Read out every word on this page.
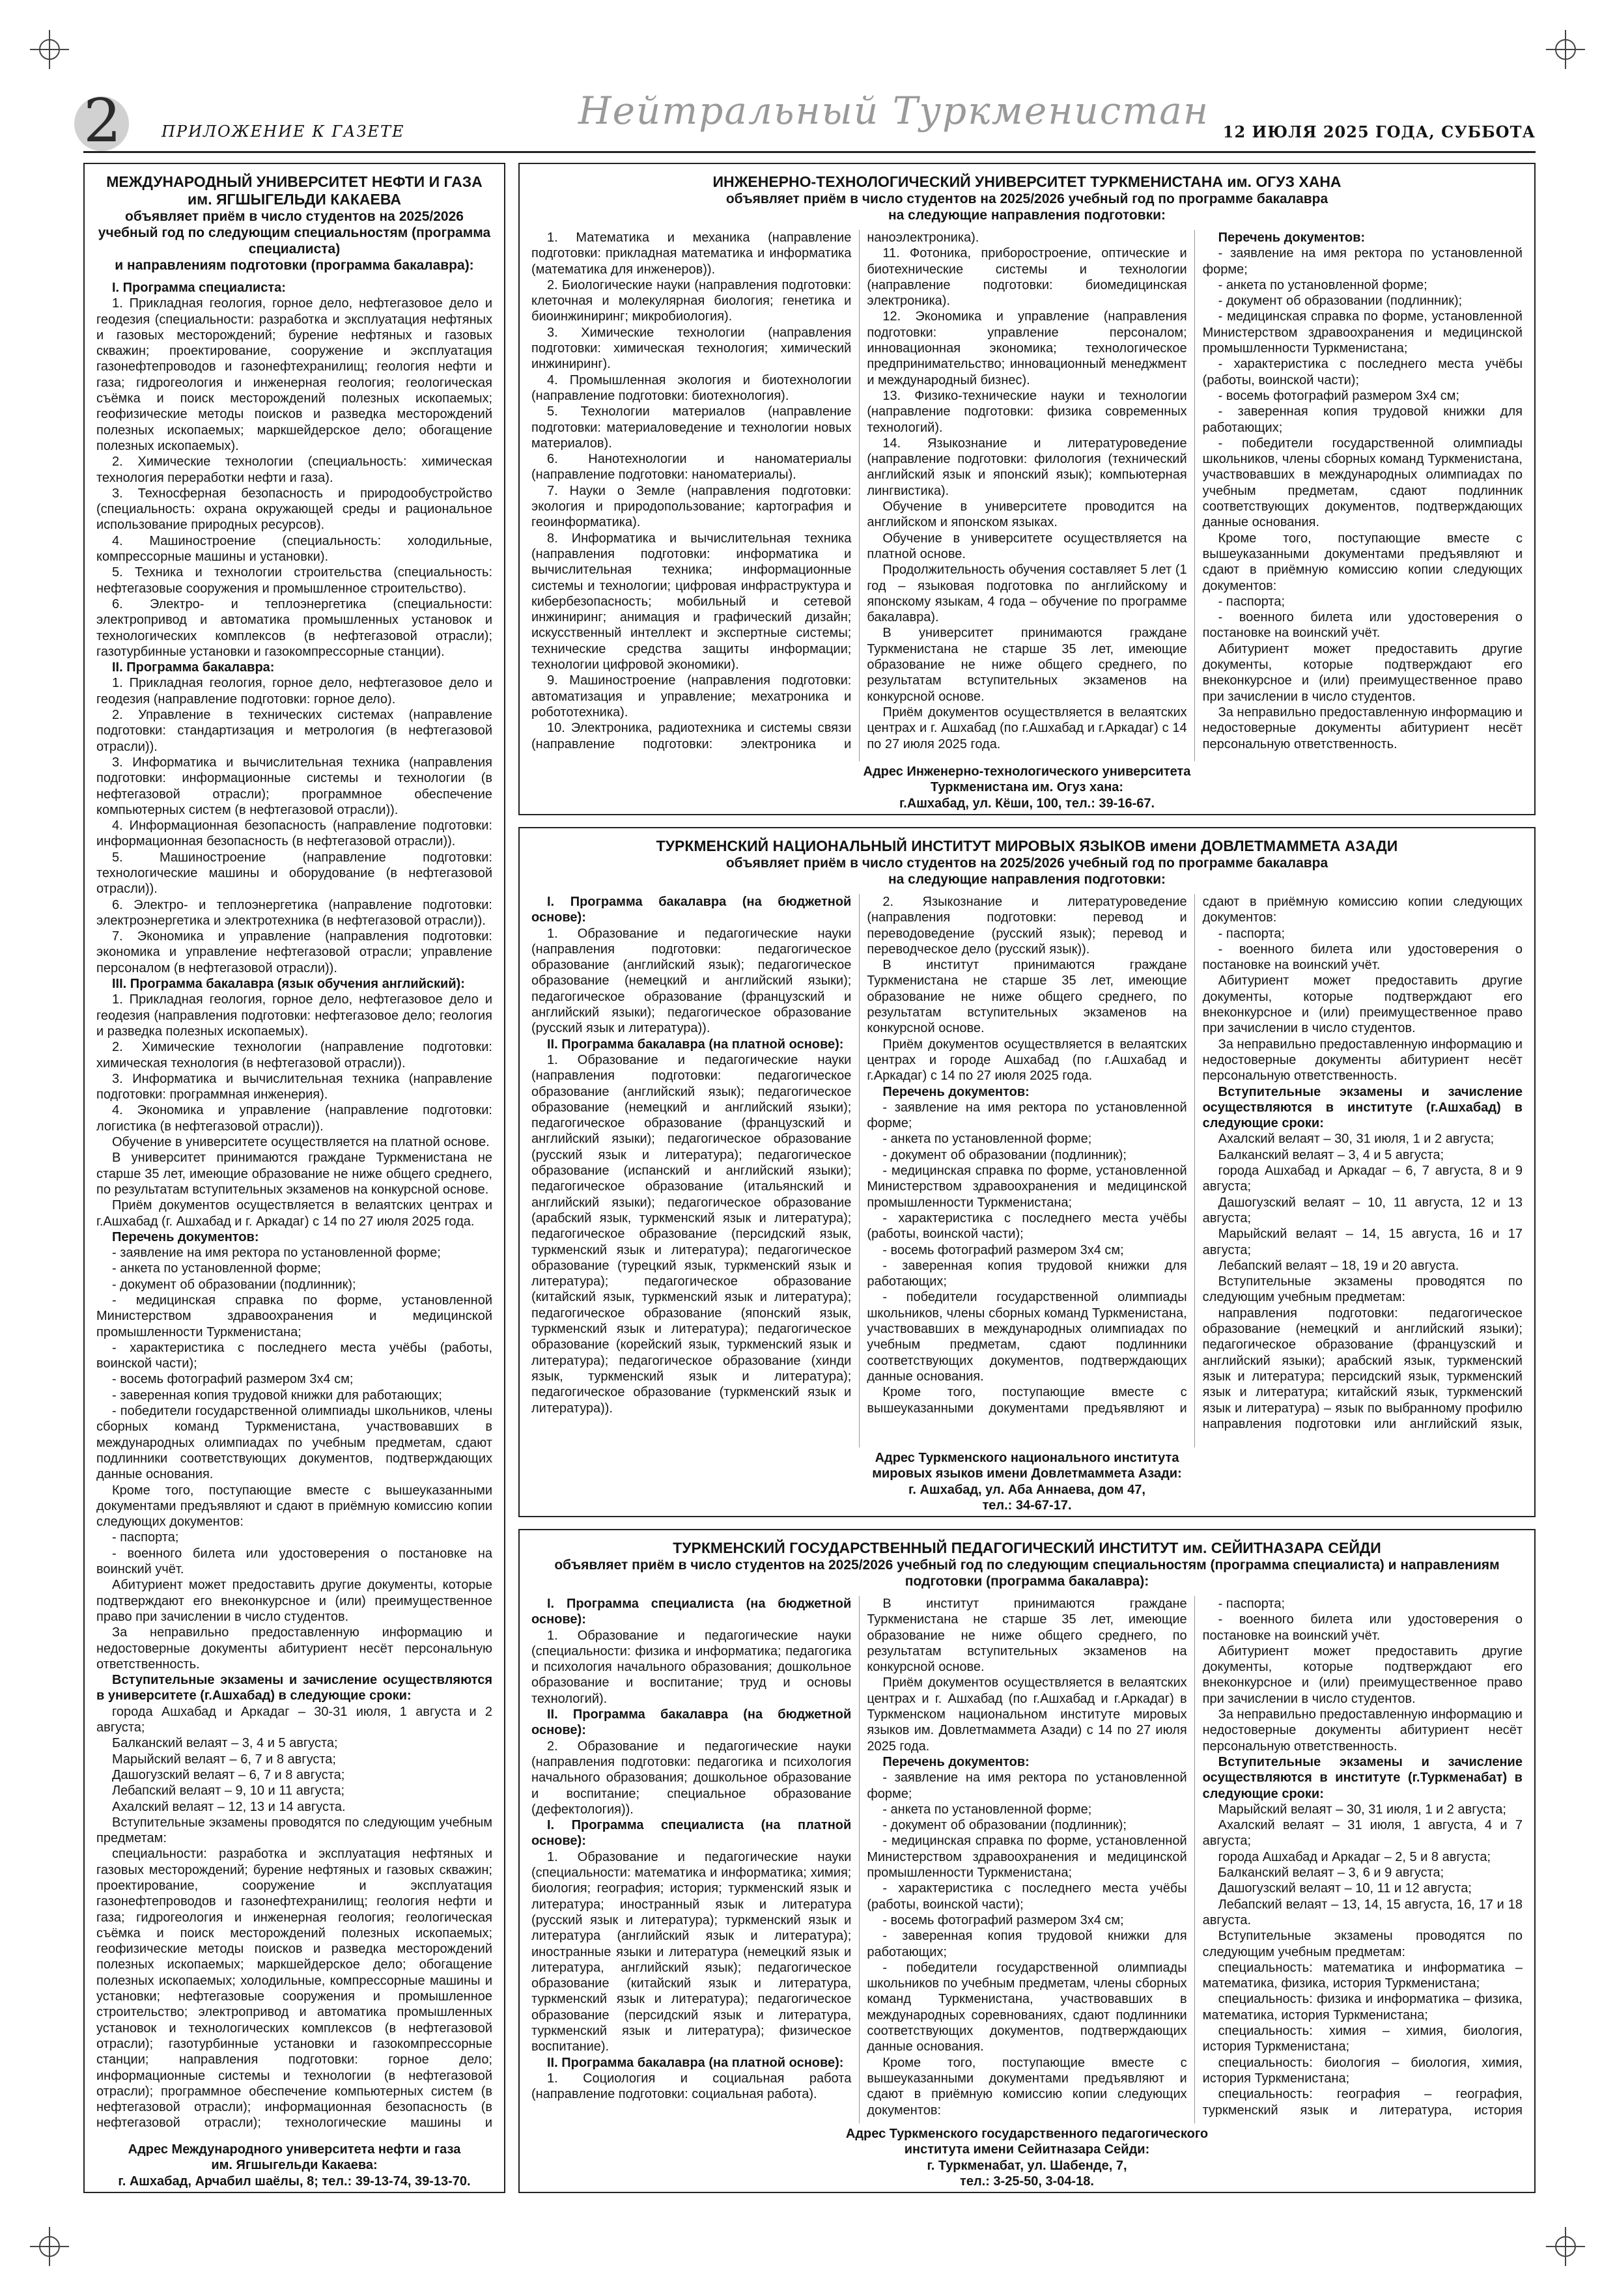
2	ПРИЛОЖЕНИЕ К ГАЗЕТЕ	Нейтральный Туркменистан 12 ИЮЛЯ 2025 ГОДА, СУББОТА
МЕЖДУНАРОДНЫЙ УНИВЕРСИТЕТ НЕФТИ И ГАЗА им. ЯГШЫГЕЛЬДИ КАКАЕВА
объявляет приём в число студентов на 2025/2026 учебный год по следующим специальностям (программа специалиста)
и направлениям подготовки (программа бакалавра):

I. Программа специалиста:

1. Прикладная геология, горное дело, нефтегазовое дело и геодезия (специальности: разработка и эксплуатация нефтяных и газовых месторождений; бурение нефтяных и газовых скважин; проектирование, сооружение и эксплуатация газонефтепроводов и газонефтехранилищ; геология нефти и газа; гидрогеология и инженерная геология; геологическая съёмка и поиск месторождений полезных ископаемых; геофизические методы поисков и разведка месторождений полезных ископаемых; маркшейдерское дело; обогащение полезных ископаемых).

2. Химические технологии (специальность: химическая технология переработки нефти и газа).

3. Техносферная безопасность и природообустройство (специальность: охрана окружающей среды и рациональное использование природных ресурсов).

4. Машиностроение (специальность: холодильные, компрессорные машины и установки).

5. Техника и технологии строительства (специальность: нефтегазовые сооружения и промышленное строительство).

6. Электро- и теплоэнергетика (специальности: электропривод и автоматика промышленных установок и технологических комплексов (в нефтегазовой отрасли); газотурбинные установки и газокомпрессорные станции).

II. Программа бакалавра:

1. Прикладная геология, горное дело, нефтегазовое дело и геодезия (направление подготовки: горное дело).

2. Управление в технических системах (направление подготовки: стандартизация и метрология (в нефтегазовой отрасли)).

3. Информатика и вычислительная техника (направления подготовки: информационные системы и технологии (в нефтегазовой отрасли); программное обеспечение компьютерных систем (в нефтегазовой отрасли)).

4. Информационная безопасность (направление подготовки: информационная безопасность (в нефтегазовой отрасли)).

5. Машиностроение (направление подготовки: технологические машины и оборудование (в нефтегазовой отрасли)).

6. Электро- и теплоэнергетика (направление подготовки: электроэнергетика и электротехника (в нефтегазовой отрасли)).

7. Экономика и управление (направления подготовки: экономика и управление нефтегазовой отрасли; управление персоналом (в нефтегазовой отрасли)).

III. Программа бакалавра (язык обучения английский):

1. Прикладная геология, горное дело, нефтегазовое дело и геодезия (направления подготовки: нефтегазовое дело; геология и разведка полезных ископаемых).

2. Химические технологии (направление подготовки: химическая технология (в нефтегазовой отрасли)).

3. Информатика и вычислительная техника (направление подготовки: программная инженерия).

4. Экономика и управление (направление подготовки: логистика (в нефтегазовой отрасли)).

Обучение в университете осуществляется на платной основе.

В университет принимаются граждане Туркменистана не старше 35 лет, имеющие образование не ниже общего среднего, по результатам вступительных экзаменов на конкурсной основе.

Приём документов осуществляется в велаятских центрах и г.Ашхабад (г. Ашхабад и г. Аркадаг) с 14 по 27 июля 2025 года.

Перечень документов:

- заявление на имя ректора по установленной форме;

- анкета по установленной форме;

- документ об образовании (подлинник);

- медицинская справка по форме, установленной Министерством здравоохранения и медицинской промышленности Туркменистана;

- характеристика с последнего места учёбы (работы, воинской части);

- восемь фотографий размером 3х4 см;

- заверенная копия трудовой книжки для работающих;

- победители государственной олимпиады школьников, члены сборных команд Туркменистана, участвовавших в международных олимпиадах по учебным предметам, сдают подлинники соответствующих документов, подтверждающих данные основания.

Кроме того, поступающие вместе с вышеуказанными документами предъявляют и сдают в приёмную комиссию копии следующих документов:

- паспорта;

- военного билета или удостоверения о постановке на воинский учёт.

Абитуриент может предоставить другие документы, которые подтверждают его внеконкурсное и (или) преимущественное право при зачислении в число студентов.

За неправильно предоставленную информацию и недостоверные документы абитуриент несёт персональную ответственность.

Вступительные экзамены и зачисление осуществляются в университете (г.Ашхабад) в следующие сроки:

города Ашхабад и Аркадаг – 30-31 июля, 1 августа и 2 августа;

Балканский велаят – 3, 4 и 5 августа;

Марыйский велаят – 6, 7 и 8 августа;

Дашогузский велаят – 6, 7 и 8 августа;

Лебапский велаят – 9, 10 и 11 августа;

Ахалский велаят – 12, 13 и 14 августа.

Вступительные экзамены проводятся по следующим учебным предметам:

специальности: разработка и эксплуатация нефтяных и газовых месторождений; бурение нефтяных и газовых скважин; проектирование, сооружение и эксплуатация газонефтепроводов и газонефтехранилищ; геология нефти и газа; гидрогеология и инженерная геология; геологическая съёмка и поиск месторождений полезных ископаемых; геофизические методы поисков и разведка месторождений полезных ископаемых; маркшейдерское дело; обогащение полезных ископаемых; холодильные, компрессорные машины и установки; нефтегазовые сооружения и промышленное строительство; электропривод и автоматика промышленных установок и технологических комплексов (в нефтегазовой отрасли); газотурбинные установки и газокомпрессорные станции; направления подготовки: горное дело; информационные системы и технологии (в нефтегазовой отрасли); программное обеспечение компьютерных систем (в нефтегазовой отрасли); информационная безопасность (в нефтегазовой отрасли); технологические машины и

Адрес Международного университета нефти и газа
им. Ягшыгельди Какаева:
г. Ашхабад, Арчабил шаёлы, 8; тел.: 39-13-74, 39-13-70.
ИНЖЕНЕРНО-ТЕХНОЛОГИЧЕСКИЙ УНИВЕРСИТЕТ ТУРКМЕНИСТАНА им. ОГУЗ ХАНА
объявляет приём в число студентов на 2025/2026 учебный год по программе бакалавра
на следующие направления подготовки:

1. Математика и механика (направление подготовки: прикладная математика и информатика (математика для инженеров)).

2. Биологические науки (направления подготовки: клеточная и молекулярная биология; генетика и биоинжиниринг; микробиология).

3. Химические технологии (направления подготовки: химическая технология; химический инжиниринг).

4. Промышленная экология и биотехнологии (направление подготовки: биотехнология).

5. Технологии материалов (направление подготовки: материаловедение и технологии новых материалов).

6. Нанотехнологии и наноматериалы (направление подготовки: наноматериалы).

7. Науки о Земле (направления подготовки: экология и природопользование; картография и геоинформатика).

8. Информатика и вычислительная техника (направления подготовки: информатика и вычислительная техника; информационные системы и технологии; цифровая инфраструктура и кибербезопасность; мобильный и сетевой инжиниринг; анимация и графический дизайн; искусственный интеллект и экспертные системы; технические средства защиты информации; технологии цифровой экономики).

9. Машиностроение (направления подготовки: автоматизация и управление; мехатроника и робототехника).

10. Электроника, радиотехника и системы связи (направление подготовки: электроника и наноэлектроника).

11. Фотоника, приборостроение, оптические и биотехнические системы и технологии (направление подготовки: биомедицинская электроника).

12. Экономика и управление (направления подготовки: управление персоналом; инновационная экономика; технологическое предпринимательство; инновационный менеджмент и международный бизнес).

13. Физико-технические науки и технологии (направление подготовки: физика современных технологий).

14. Языкознание и литературоведение (направление подготовки: филология (технический английский язык и японский язык); компьютерная лингвистика).

Обучение в университете проводится на английском и японском языках.

Обучение в университете осуществляется на платной основе.

Продолжительность обучения составляет 5 лет (1 год – языковая подготовка по английскому и японскому языкам, 4 года – обучение по программе бакалавра).

В университет принимаются граждане Туркменистана не старше 35 лет, имеющие образование не ниже общего среднего, по результатам вступительных экзаменов на конкурсной основе.

Приём документов осуществляется в велаятских центрах и г. Ашхабад (по г.Ашхабад и г.Аркадаг) с 14 по 27 июля 2025 года.

Перечень документов:

- заявление на имя ректора по установленной форме;

- анкета по установленной форме;

- документ об образовании (подлинник);

- медицинская справка по форме, установленной Министерством здравоохранения и медицинской промышленности Туркменистана;

- характеристика с последнего места учёбы (работы, воинской части);

- восемь фотографий размером 3х4 см;

- заверенная копия трудовой книжки для работающих;

- победители государственной олимпиады школьников, члены сборных команд Туркменистана, участвовавших в международных олимпиадах по учебным предметам, сдают подлинник соответствующих документов, подтверждающих данные основания.

Кроме того, поступающие вместе с вышеуказанными документами предъявляют и сдают в приёмную комиссию копии следующих документов:

- паспорта;

- военного билета или удостоверения о постановке на воинский учёт.

Абитуриент может предоставить другие документы, которые подтверждают его внеконкурсное и (или) преимущественное право при зачислении в число студентов.

За неправильно предоставленную информацию и недостоверные документы абитуриент несёт персональную ответственность.

Адрес Инженерно-технологического университета
Туркменистана им. Огуз хана:
г.Ашхабад, ул. Кёши, 100, тел.: 39-16-67.
ТУРКМЕНСКИЙ НАЦИОНАЛЬНЫЙ ИНСТИТУТ МИРОВЫХ ЯЗЫКОВ имени ДОВЛЕТМАММЕТА АЗАДИ
объявляет приём в число студентов на 2025/2026 учебный год по программе бакалавра
на следующие направления подготовки:

I. Программа бакалавра (на бюджетной основе):

1. Образование и педагогические науки (направления подготовки: педагогическое образование (английский язык); педагогическое образование (немецкий и английский языки); педагогическое образование (французский и английский языки); педагогическое образование (русский язык и литература)).

II. Программа бакалавра (на платной основе):

1. Образование и педагогические науки (направления подготовки: педагогическое образование (английский язык); педагогическое образование (немецкий и английский языки); педагогическое образование (французский и английский языки); педагогическое образование (русский язык и литература); педагогическое образование (испанский и английский языки); педагогическое образование (итальянский и английский языки); педагогическое образование (арабский язык, туркменский язык и литература); педагогическое образование (персидский язык, туркменский язык и литература); педагогическое образование (турецкий язык, туркменский язык и литература); педагогическое образование (китайский язык, туркменский язык и литература); педагогическое образование (японский язык, туркменский язык и литература); педагогическое образование (корейский язык, туркменский язык и литература); педагогическое образование (хинди язык, туркменский язык и литература); педагогическое образование (туркменский язык и литература)).

2. Языкознание и литературоведение (направления подготовки: перевод и переводоведение (русский язык); перевод и переводческое дело (русский язык)).

В институт принимаются граждане Туркменистана не старше 35 лет, имеющие образование не ниже общего среднего, по результатам вступительных экзаменов на конкурсной основе.

Приём документов осуществляется в велаятских центрах и городе Ашхабад (по г.Ашхабад и г.Аркадаг) с 14 по 27 июля 2025 года.

Перечень документов:

- заявление на имя ректора по установленной форме;

- анкета по установленной форме;

- документ об образовании (подлинник);

- медицинская справка по форме, установленной Министерством здравоохранения и медицинской промышленности Туркменистана;

- характеристика с последнего места учёбы (работы, воинской части);

- восемь фотографий размером 3х4 см;

- заверенная копия трудовой книжки для работающих;

- победители государственной олимпиады школьников, члены сборных команд Туркменистана, участвовавших в международных олимпиадах по учебным предметам, сдают подлинники соответствующих документов, подтверждающих данные основания.

Кроме того, поступающие вместе с вышеуказанными документами предъявляют и сдают в приёмную комиссию копии следующих документов:

- паспорта;

- военного билета или удостоверения о постановке на воинский учёт.

Абитуриент может предоставить другие документы, которые подтверждают его внеконкурсное и (или) преимущественное право при зачислении в число студентов.

За неправильно предоставленную информацию и недостоверные документы абитуриент несёт персональную ответственность.

Вступительные экзамены и зачисление осуществляются в институте (г.Ашхабад) в следующие сроки:

Ахалский велаят – 30, 31 июля, 1 и 2 августа;

Балканский велаят – 3, 4 и 5 августа;

города Ашхабад и Аркадаг – 6, 7 августа, 8 и 9 августа;

Дашогузский велаят – 10, 11 августа, 12 и 13 августа;

Марыйский велаят – 14, 15 августа, 16 и 17 августа;

Лебапский велаят – 18, 19 и 20 августа.

Вступительные экзамены проводятся по следующим учебным предметам:

направления подготовки: педагогическое образование (немецкий и английский языки); педагогическое образование (французский и английский языки); арабский язык, туркменский язык и литература; персидский язык, туркменский язык и литература; китайский язык, туркменский язык и литература) – язык по выбранному профилю направления подготовки или английский язык,

Адрес Туркменского национального института
мировых языков имени Довлетмаммета Азади:
г. Ашхабад, ул. Аба Аннаева, дом 47,
тел.: 34-67-17.
ТУРКМЕНСКИЙ ГОСУДАРСТВЕННЫЙ ПЕДАГОГИЧЕСКИЙ ИНСТИТУТ им. СЕЙИТНАЗАРА СЕЙДИ
объявляет приём в число студентов на 2025/2026 учебный год по следующим специальностям (программа специалиста) и направлениям подготовки (программа бакалавра):

I. Программа специалиста (на бюджетной основе):

1. Образование и педагогические науки (специальности: физика и информатика; педагогика и психология начального образования; дошкольное образование и воспитание; труд и основы технологий).

II. Программа бакалавра (на бюджетной основе):

2. Образование и педагогические науки (направления подготовки: педагогика и психология начального образования; дошкольное образование и воспитание; специальное образование (дефектология)).

I. Программа специалиста (на платной основе):

1. Образование и педагогические науки (специальности: математика и информатика; химия; биология; география; история; туркменский язык и литература; иностранный язык и литература (русский язык и литература); туркменский язык и литература (английский язык и литература); иностранные языки и литература (немецкий язык и литература, английский язык); педагогическое образование (китайский язык и литература, туркменский язык и литература); педагогическое образование (персидский язык и литература, туркменский язык и литература); физическое воспитание).

II. Программа бакалавра (на платной основе):

1. Социология и социальная работа (направление подготовки: социальная работа).

В институт принимаются граждане Туркменистана не старше 35 лет, имеющие образование не ниже общего среднего, по результатам вступительных экзаменов на конкурсной основе.

Приём документов осуществляется в велаятских центрах и г. Ашхабад (по г.Ашхабад и г.Аркадаг) в Туркменском национальном институте мировых языков им. Довлетмаммета Азади) с 14 по 27 июля 2025 года.

Перечень документов:

- заявление на имя ректора по установленной форме;

- анкета по установленной форме;

- документ об образовании (подлинник);

- медицинская справка по форме, установленной Министерством здравоохранения и медицинской промышленности Туркменистана;

- характеристика с последнего места учёбы (работы, воинской части);

- восемь фотографий размером 3х4 см;

- заверенная копия трудовой книжки для работающих;

- победители государственной олимпиады школьников по учебным предметам, члены сборных команд Туркменистана, участвовавших в международных соревнованиях, сдают подлинники соответствующих документов, подтверждающих данные основания.

Кроме того, поступающие вместе с вышеуказанными документами предъявляют и сдают в приёмную комиссию копии следующих документов:

- паспорта;

- военного билета или удостоверения о постановке на воинский учёт.

Абитуриент может предоставить другие документы, которые подтверждают его внеконкурсное и (или) преимущественное право при зачислении в число студентов.

За неправильно предоставленную информацию и недостоверные документы абитуриент несёт персональную ответственность.

Вступительные экзамены и зачисление осуществляются в институте (г.Туркменабат) в следующие сроки:

Марыйский велаят – 30, 31 июля, 1 и 2 августа;

Ахалский велаят – 31 июля, 1 августа, 4 и 7 августа;

города Ашхабад и Аркадаг – 2, 5 и 8 августа;

Балканский велаят – 3, 6 и 9 августа;

Дашогузский велаят – 10, 11 и 12 августа;

Лебапский велаят – 13, 14, 15 августа, 16, 17 и 18 августа.

Вступительные экзамены проводятся по следующим учебным предметам:

специальность: математика и информатика – математика, физика, история Туркменистана;

специальность: физика и информатика – физика, математика, история Туркменистана;

специальность: химия – химия, биология, история Туркменистана;

специальность: биология – биология, химия, история Туркменистана;

специальность: география – география, туркменский язык и литература, история

Адрес Туркменского государственного педагогического
института имени Сейитназара Сейди:
г. Туркменабат, ул. Шабенде, 7,
тел.: 3-25-50, 3-04-18.
